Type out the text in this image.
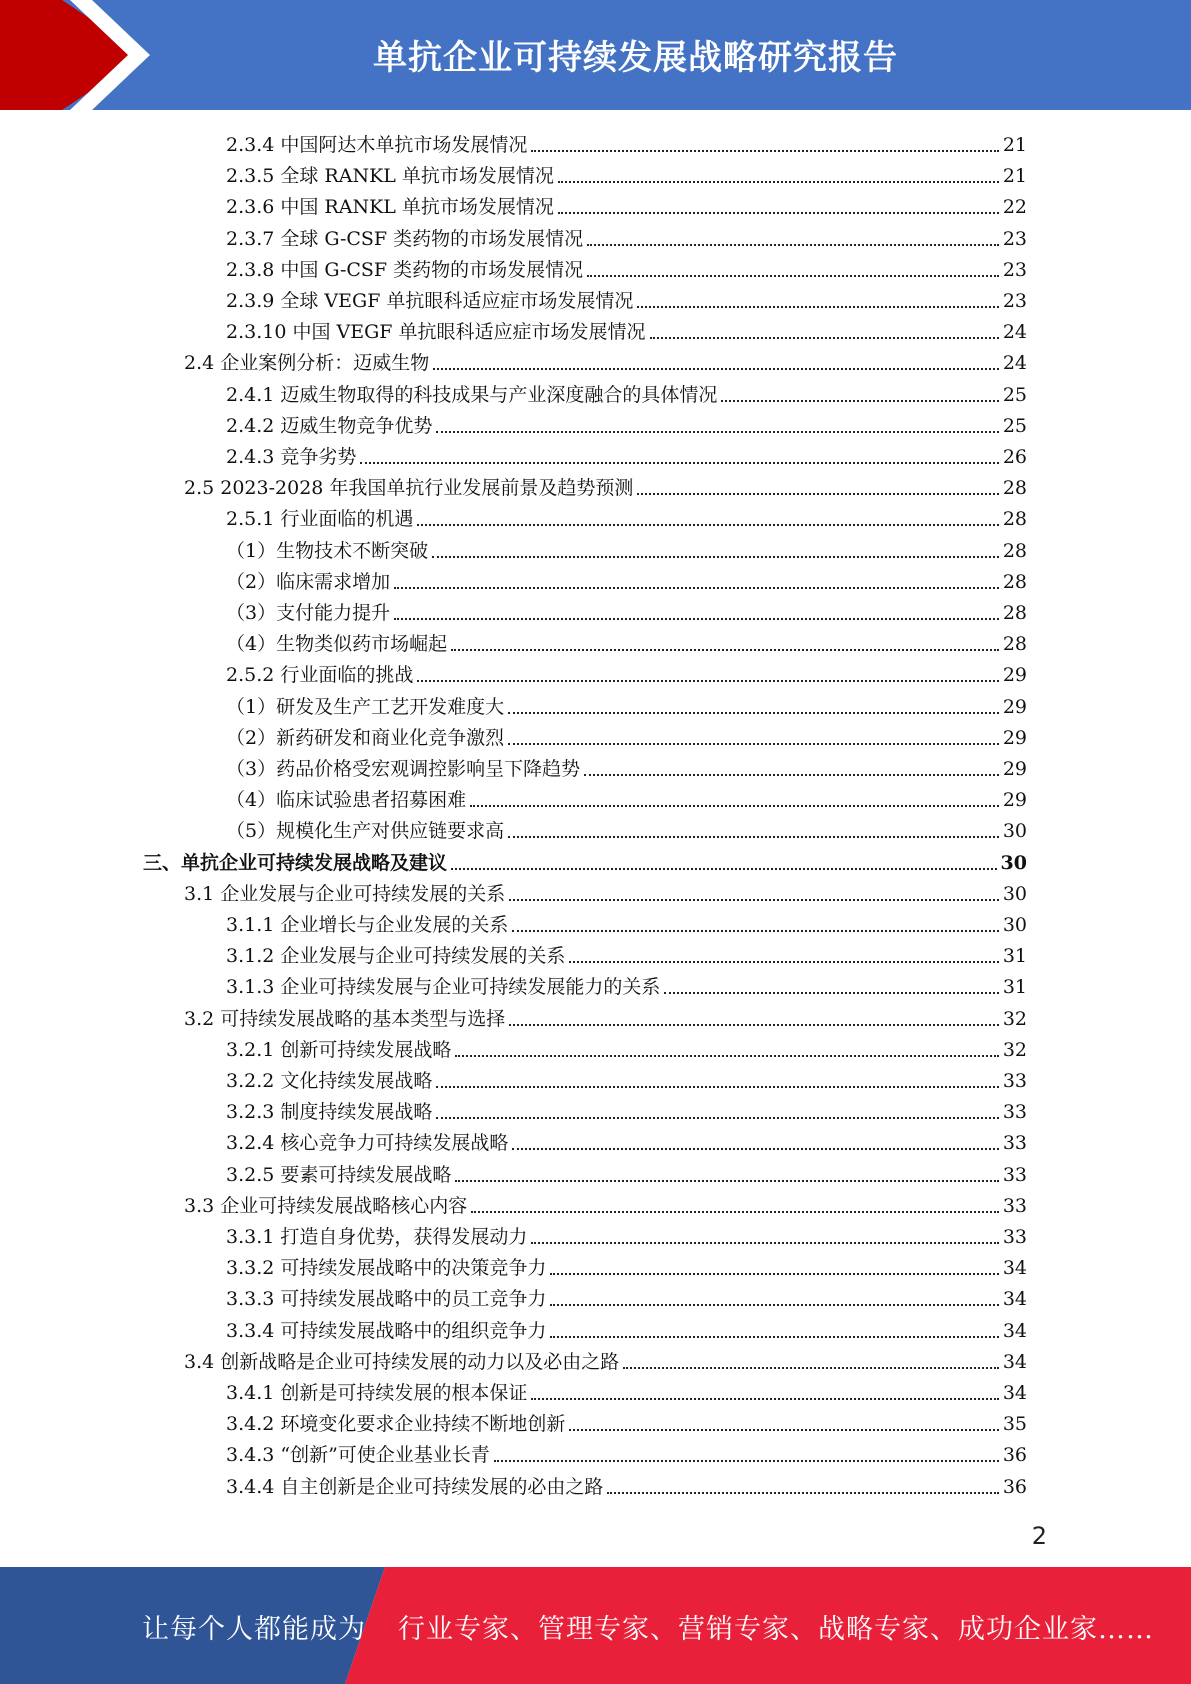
单抗企业可持续发展战略研究报告
2.3.4 中国阿达木单抗市场发展情况	21
2.3.5 全球 RANKL 单抗市场发展情况	21
2.3.6 中国 RANKL 单抗市场发展情况	22
2.3.7 全球 G-CSF 类药物的市场发展情况	23
2.3.8 中国 G-CSF 类药物的市场发展情况	23
2.3.9 全球 VEGF 单抗眼科适应症市场发展情况	23
2.3.10 中国 VEGF 单抗眼科适应症市场发展情况	24
2.4 企业案例分析：迈威生物	24
2.4.1 迈威生物取得的科技成果与产业深度融合的具体情况	25
2.4.2 迈威生物竞争优势	25
2.4.3 竞争劣势	26
2.5 2023-2028 年我国单抗行业发展前景及趋势预测	28
2.5.1 行业面临的机遇	28
（1）生物技术不断突破	28
（2）临床需求增加	28
（3）支付能力提升	28
（4）生物类似药市场崛起	28
2.5.2 行业面临的挑战	29
（1）研发及生产工艺开发难度大	29
（2）新药研发和商业化竞争激烈	29
（3）药品价格受宏观调控影响呈下降趋势	29
（4）临床试验患者招募困难	29
（5）规模化生产对供应链要求高	30
三、单抗企业可持续发展战略及建议	30
3.1 企业发展与企业可持续发展的关系	30
3.1.1 企业增长与企业发展的关系	30
3.1.2 企业发展与企业可持续发展的关系	31
3.1.3 企业可持续发展与企业可持续发展能力的关系	31
3.2 可持续发展战略的基本类型与选择	32
3.2.1 创新可持续发展战略	32
3.2.2 文化持续发展战略	33
3.2.3 制度持续发展战略	33
3.2.4 核心竞争力可持续发展战略	33
3.2.5 要素可持续发展战略	33
3.3 企业可持续发展战略核心内容	33
3.3.1 打造自身优势，获得发展动力	33
3.3.2 可持续发展战略中的决策竞争力	34
3.3.3 可持续发展战略中的员工竞争力	34
3.3.4 可持续发展战略中的组织竞争力	34
3.4 创新战略是企业可持续发展的动力以及必由之路	34
3.4.1 创新是可持续发展的根本保证	34
3.4.2 环境变化要求企业持续不断地创新	35
3.4.3 “创新”可使企业基业长青	36
3.4.4 自主创新是企业可持续发展的必由之路	36
2
让每个人都能成为 行业专家、管理专家、营销专家、战略专家、成功企业家……
